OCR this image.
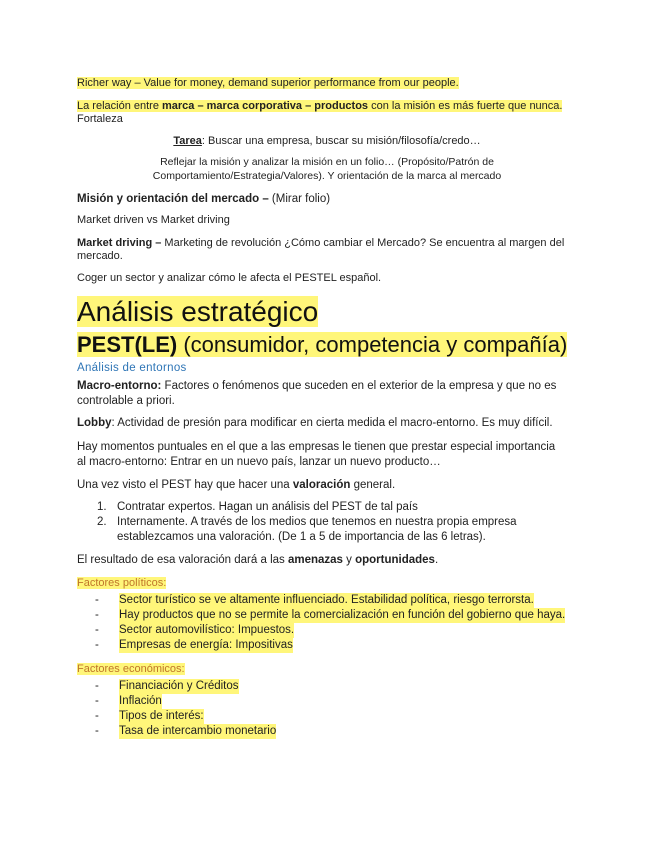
Richer way – Value for money, demand superior performance from our people.
La relación entre marca – marca corporativa – productos con la misión es más fuerte que nunca.
Fortaleza
Tarea: Buscar una empresa, buscar su misión/filosofía/credo…
Reflejar la misión y analizar la misión en un folio… (Propósito/Patrón de
Comportamiento/Estrategia/Valores). Y orientación de la marca al mercado
Misión y orientación del mercado – (Mirar folio)
Market driven vs Market driving
Market driving – Marketing de revolución ¿Cómo cambiar el Mercado? Se encuentra al margen del
mercado.
Coger un sector y analizar cómo le afecta el PESTEL español.
Análisis estratégico
PEST(LE) (consumidor, competencia y compañía)
Análisis de entornos
Macro-entorno: Factores o fenómenos que suceden en el exterior de la empresa y que no es
controlable a priori.
Lobby: Actividad de presión para modificar en cierta medida el macro-entorno. Es muy difícil.
Hay momentos puntuales en el que a las empresas le tienen que prestar especial importancia
al macro-entorno: Entrar en un nuevo país, lanzar un nuevo producto…
Una vez visto el PEST hay que hacer una valoración general.
1. Contratar expertos. Hagan un análisis del PEST de tal país
2. Internamente. A través de los medios que tenemos en nuestra propia empresa
establezcamos una valoración. (De 1 a 5 de importancia de las 6 letras).
El resultado de esa valoración dará a las amenazas y oportunidades.
Factores políticos:
-	Sector turístico se ve altamente influenciado. Estabilidad política, riesgo terrorsta.
-	Hay productos que no se permite la comercialización en función del gobierno que haya.
-	Sector automovilístico: Impuestos.
-	Empresas de energía: Impositivas
Factores económicos:
-	Financiación y Créditos
-	Inflación
-	Tipos de interés:
-	Tasa de intercambio monetario
